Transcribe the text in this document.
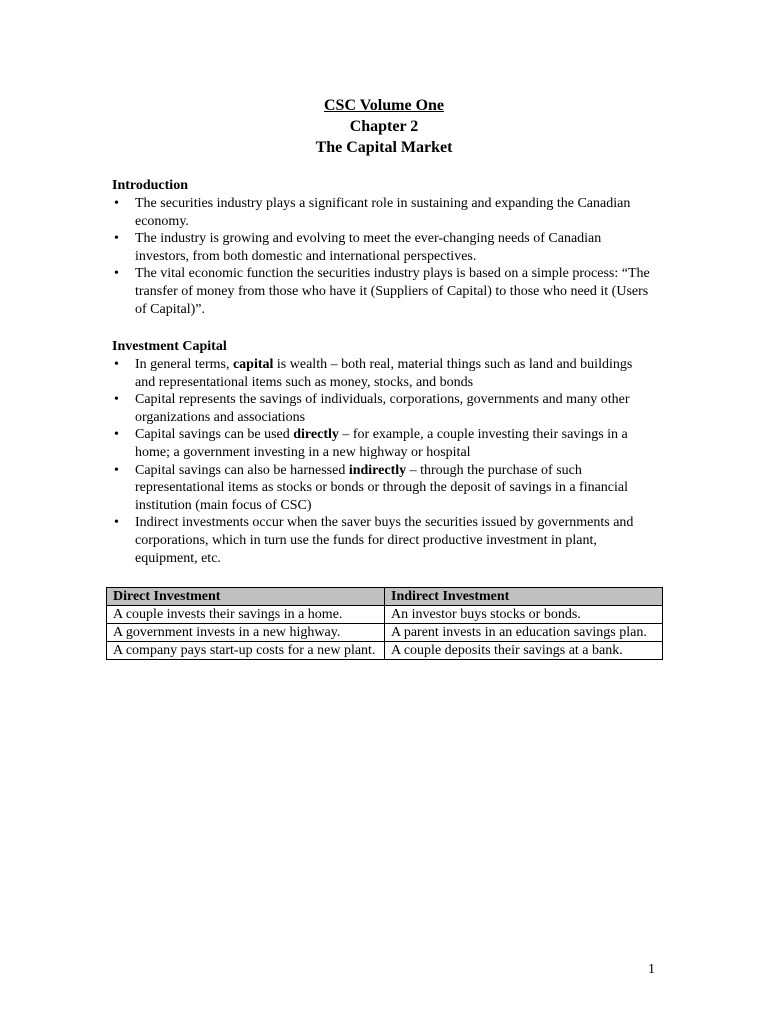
CSC Volume One
Chapter 2
The Capital Market
Introduction
• The securities industry plays a significant role in sustaining and expanding the Canadian economy.
• The industry is growing and evolving to meet the ever-changing needs of Canadian investors, from both domestic and international perspectives.
• The vital economic function the securities industry plays is based on a simple process: “The transfer of money from those who have it (Suppliers of Capital) to those who need it (Users of Capital)”.
Investment Capital
• In general terms, capital is wealth – both real, material things such as land and buildings and representational items such as money, stocks, and bonds
• Capital represents the savings of individuals, corporations, governments and many other organizations and associations
• Capital savings can be used directly – for example, a couple investing their savings in a home; a government investing in a new highway or hospital
• Capital savings can also be harnessed indirectly – through the purchase of such representational items as stocks or bonds or through the deposit of savings in a financial institution (main focus of CSC)
• Indirect investments occur when the saver buys the securities issued by governments and corporations, which in turn use the funds for direct productive investment in plant, equipment, etc.
Direct Investment	Indirect Investment
A couple invests their savings in a home.	An investor buys stocks or bonds.
A government invests in a new highway.	A parent invests in an education savings plan.
A company pays start-up costs for a new plant.	A couple deposits their savings at a bank.
1
